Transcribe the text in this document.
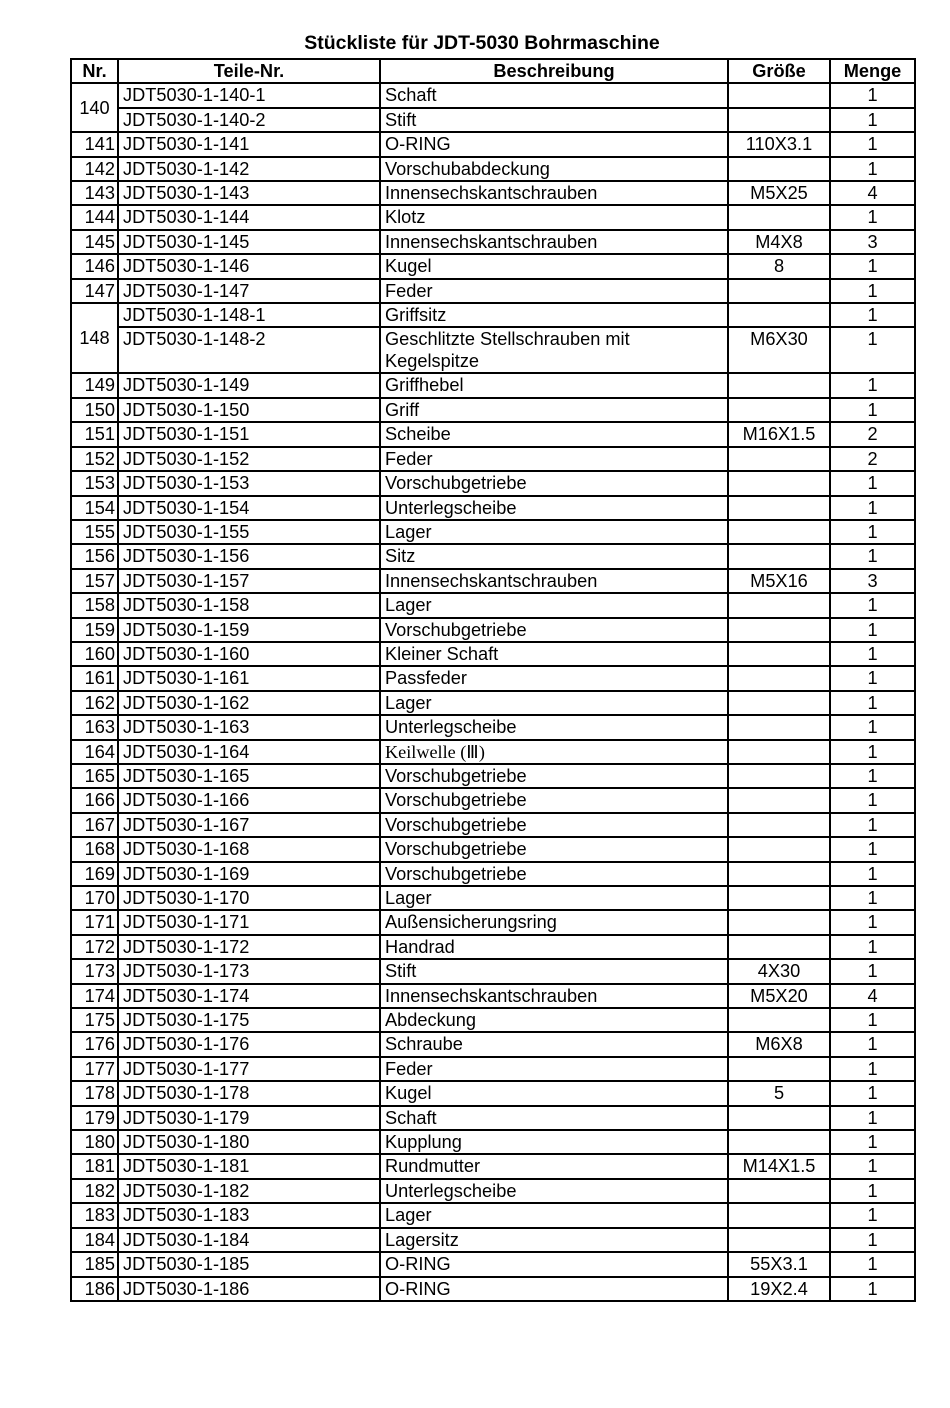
Stückliste für JDT-5030 Bohrmaschine
Nr.	Teile-Nr.	Beschreibung	Größe	Menge
140	JDT5030-1-140-1	Schaft		1
	JDT5030-1-140-2	Stift		1
141	JDT5030-1-141	O-RING	110X3.1	1
142	JDT5030-1-142	Vorschubabdeckung		1
143	JDT5030-1-143	Innensechskantschrauben	M5X25	4
144	JDT5030-1-144	Klotz		1
145	JDT5030-1-145	Innensechskantschrauben	M4X8	3
146	JDT5030-1-146	Kugel	8	1
147	JDT5030-1-147	Feder		1
148	JDT5030-1-148-1	Griffsitz		1
	JDT5030-1-148-2	Geschlitzte Stellschrauben mit Kegelspitze	M6X30	1
149	JDT5030-1-149	Griffhebel		1
150	JDT5030-1-150	Griff		1
151	JDT5030-1-151	Scheibe	M16X1.5	2
152	JDT5030-1-152	Feder		2
153	JDT5030-1-153	Vorschubgetriebe		1
154	JDT5030-1-154	Unterlegscheibe		1
155	JDT5030-1-155	Lager		1
156	JDT5030-1-156	Sitz		1
157	JDT5030-1-157	Innensechskantschrauben	M5X16	3
158	JDT5030-1-158	Lager		1
159	JDT5030-1-159	Vorschubgetriebe		1
160	JDT5030-1-160	Kleiner Schaft		1
161	JDT5030-1-161	Passfeder		1
162	JDT5030-1-162	Lager		1
163	JDT5030-1-163	Unterlegscheibe		1
164	JDT5030-1-164	Keilwelle (Ⅲ)		1
165	JDT5030-1-165	Vorschubgetriebe		1
166	JDT5030-1-166	Vorschubgetriebe		1
167	JDT5030-1-167	Vorschubgetriebe		1
168	JDT5030-1-168	Vorschubgetriebe		1
169	JDT5030-1-169	Vorschubgetriebe		1
170	JDT5030-1-170	Lager		1
171	JDT5030-1-171	Außensicherungsring		1
172	JDT5030-1-172	Handrad		1
173	JDT5030-1-173	Stift	4X30	1
174	JDT5030-1-174	Innensechskantschrauben	M5X20	4
175	JDT5030-1-175	Abdeckung		1
176	JDT5030-1-176	Schraube	M6X8	1
177	JDT5030-1-177	Feder		1
178	JDT5030-1-178	Kugel	5	1
179	JDT5030-1-179	Schaft		1
180	JDT5030-1-180	Kupplung		1
181	JDT5030-1-181	Rundmutter	M14X1.5	1
182	JDT5030-1-182	Unterlegscheibe		1
183	JDT5030-1-183	Lager		1
184	JDT5030-1-184	Lagersitz		1
185	JDT5030-1-185	O-RING	55X3.1	1
186	JDT5030-1-186	O-RING	19X2.4	1
